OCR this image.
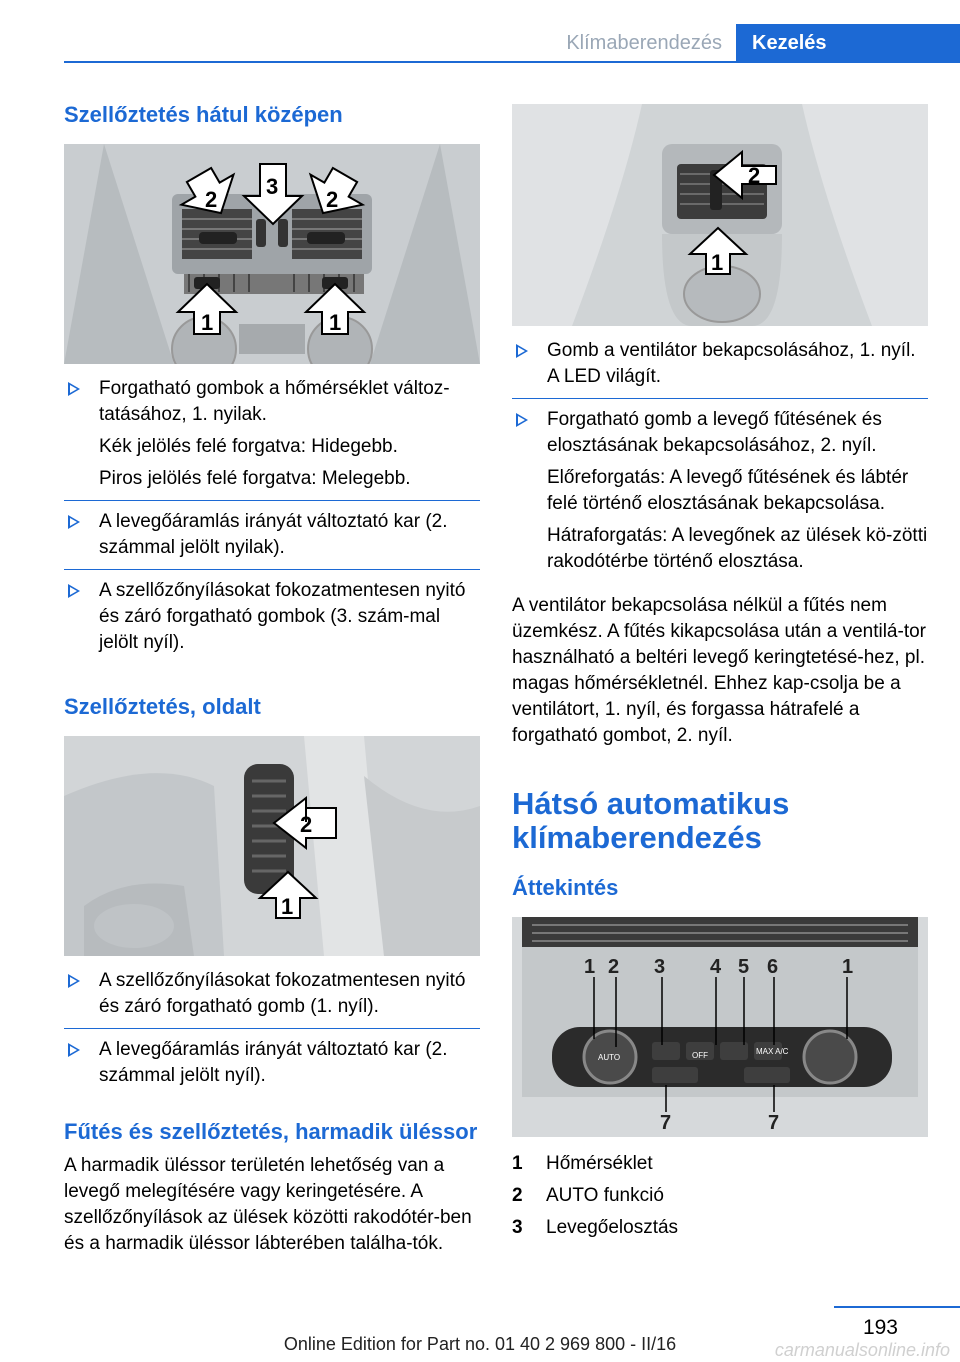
Klímaberendezés	Kezelés
Szellőztetés hátul középen
2
3
2
1	1
Forgatható gombok a hőmérséklet változ‐tatásához, 1. nyilak.
Kék jelölés felé forgatva: Hidegebb.
Piros jelölés felé forgatva: Melegebb.
A levegőáramlás irányát változtató kar (2. számmal jelölt nyilak).
A szellőzőnyílásokat fokozatmentesen nyitó és záró forgatható gombok (3. szám‐mal jelölt nyíl).
Szellőztetés, oldalt
2
1
A szellőzőnyílásokat fokozatmentesen nyitó és záró forgatható gomb (1. nyíl).
A levegőáramlás irányát változtató kar (2. számmal jelölt nyíl).
Fűtés és szellőztetés, harmadik üléssor

A harmadik üléssor területén lehetőség van a levegő melegítésére vagy keringetésére. A szellőzőnyílások az ülések közötti rakodótér‐ben és a harmadik üléssor lábterében találha‐tók.

2
1
Gomb a ventilátor bekapcsolásához, 1. nyíl. A LED világít.
Forgatható gomb a levegő fűtésének és elosztásának bekapcsolásához, 2. nyíl.
Előreforgatás: A levegő fűtésének és lábtér felé történő elosztásának bekapcsolása.
Hátraforgatás: A levegőnek az ülések kö‐zötti rakodótérbe történő elosztása.

A ventilátor bekapcsolása nélkül a fűtés nem üzemkész. A fűtés kikapcsolása után a ventilá‐tor használható a beltéri levegő keringtetésé‐hez, pl. magas hőmérsékletnél. Ehhez kap‐csolja be a ventilátort, 1. nyíl, és forgassa hátrafelé a forgatható gombot, 2. nyíl.

Hátsó automatikus klímaberendezés
Áttekintés
AUTO	OFF	MAX A/C
1 2 3 4 5 6	1
7	7
1	Hőmérséklet
2	AUTO funkció
3	Levegőelosztás
193
Online Edition for Part no. 01 40 2 969 800 - II/16	carmanualsonline.info
